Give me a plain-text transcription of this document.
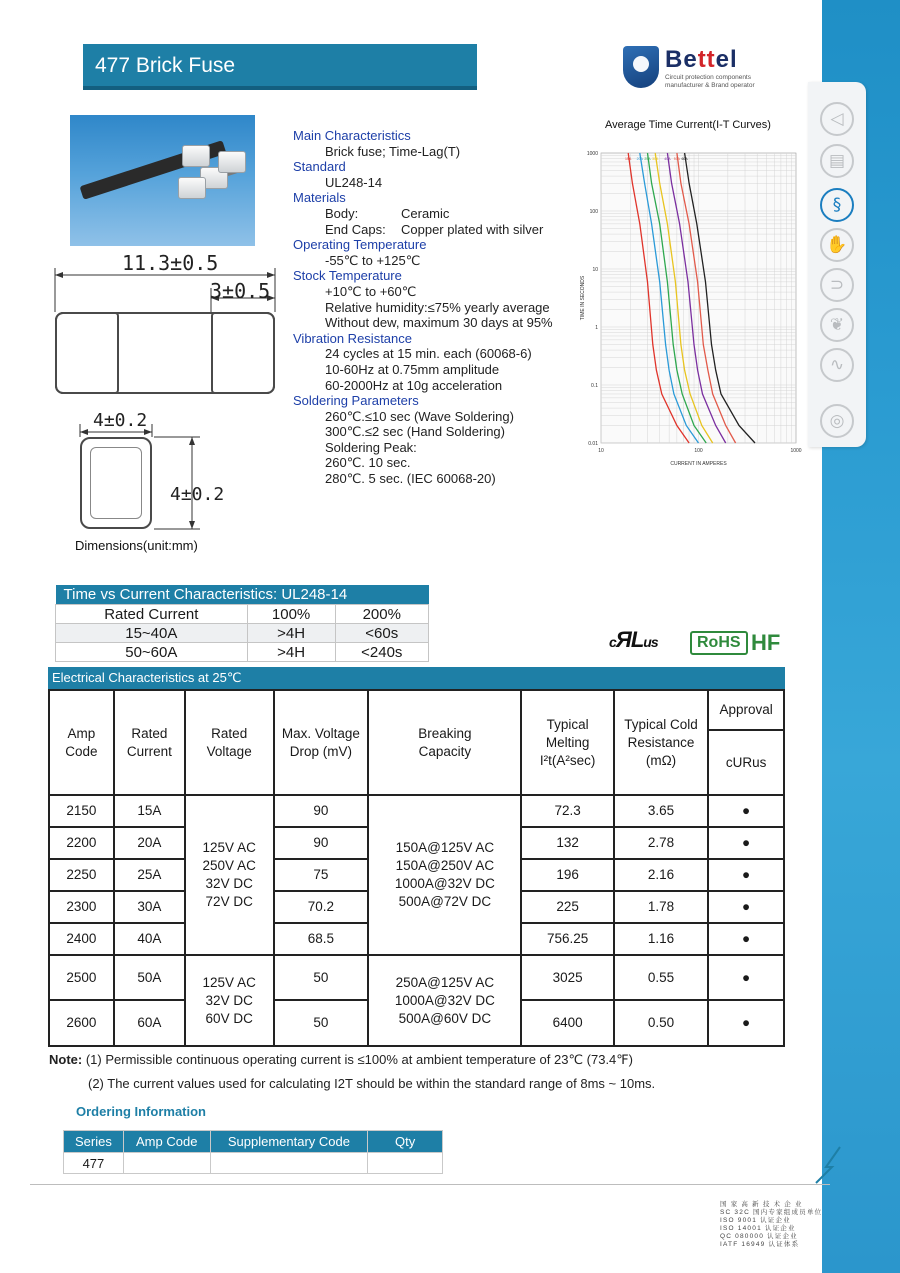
◁
▤
§
✋
⊃
❦
∿
◎
477 Brick Fuse	Bettel
Circuit protection components
manufacturer & Brand operator
11.3±0.5
3±0.5
4±0.2
4±0.2
Dimensions(unit:mm)
Main Characteristics
Brick fuse; Time-Lag(T)
Standard
UL248-14
Materials
Body:	Ceramic
End Caps: Copper plated with silver
Operating Temperature
-55℃ to +125℃
Stock Temperature
+10℃ to +60℃
Relative humidity:≤75% yearly average
Without dew, maximum 30 days at 95%
Vibration Resistance
24 cycles at 15 min. each (60068-6)
10-60Hz at 0.75mm amplitude
60-2000Hz at 10g acceleration
Soldering Parameters
260℃.≤10 sec (Wave Soldering)
300℃.≤2 sec (Hand Soldering)
Soldering Peak:
260℃. 10 sec.
280℃. 5 sec. (IEC 60068-20)
Average Time Current(I-T Curves)
10	100	1000
1000
100
10
1
0.1
0.01
CURRENT IN AMPERES
TIME IN SECONDS
15A 20A 25A 30A 40A 50A 60A
Time vs Current Characteristics: UL248-14		
Rated Current	100%	200%
15~40A	>4H	<60s
50~60A	>4H	<240s
cЯLus	RoHS HF
Electrical Characteristics at 25℃
Amp Code	Rated Current	Rated Voltage	Max. Voltage Drop (mV)	Breaking Capacity	Typical Melting I²t(A²sec)	Typical Cold Resistance (mΩ)	Approval
							cURus
2150	15A	125V AC
250V AC
32V DC
72V DC	90	150A@125V AC
150A@250V AC
1000A@32V DC
500A@72V DC	72.3	3.65	●
2200	20A		90		132	2.78	●
2250	25A		75		196	2.16	●
2300	30A		70.2		225	1.78	●
2400	40A		68.5		756.25	1.16	●
2500	50A	125V AC
32V DC
60V DC	50	250A@125V AC
1000A@32V DC
500A@60V DC	3025	0.55	●
2600	60A		50		6400	0.50	●
Note: (1) Permissible continuous operating current is ≤100% at ambient temperature of 23℃ (73.4℉)
(2) The current values used for calculating I2T should be within the standard range of 8ms ~ 10ms.
Ordering Information
Series	Amp Code	Supplementary Code	Qty
477			
国 家 高 新 技 术 企 业
SC 32C 国内专家组成员单位
ISO 9001 认证企业
ISO 14001 认证企业
QC 080000 认证企业
IATF 16949 认证体系
